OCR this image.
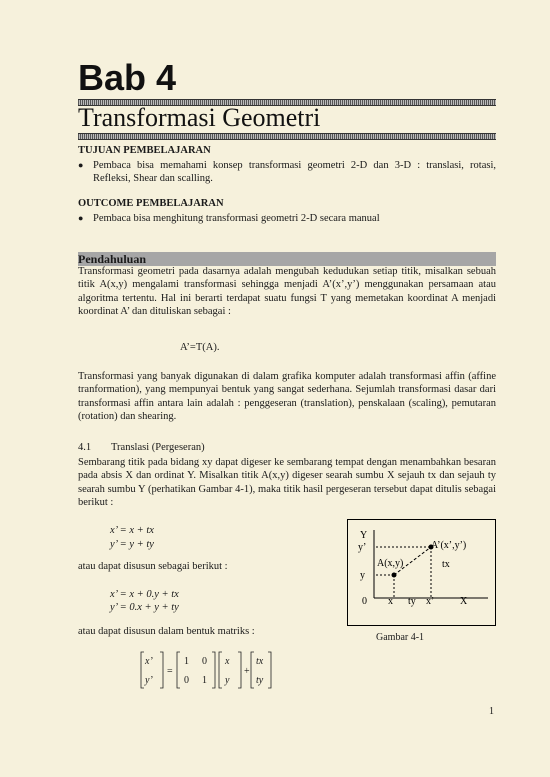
Bab 4
Transformasi Geometri
TUJUAN PEMBELAJARAN
● Pembaca bisa memahami konsep transformasi geometri 2-D dan 3-D : translasi, rotasi, Refleksi, Shear dan scalling.
OUTCOME PEMBELAJARAN
● Pembaca bisa menghitung transformasi geometri 2-D secara manual
Pendahuluan
Transformasi geometri pada dasarnya adalah mengubah kedudukan setiap titik, misalkan sebuah titik A(x,y) mengalami transformasi sehingga menjadi A’(x’,y’) menggunakan persamaan atau algoritma tertentu. Hal ini berarti terdapat suatu fungsi T yang memetakan koordinat A menjadi koordinat A’ dan dituliskan sebagai :
A’=T(A).
Transformasi yang banyak digunakan di dalam grafika komputer adalah transformasi affin (affine tranformation), yang mempunyai bentuk yang sangat sederhana. Sejumlah transformasi dasar dari transformasi affin antara lain adalah : penggeseran (translation), penskalaan (scaling), pemutaran (rotation) dan shearing.
4.1 Translasi (Pergeseran)
Sembarang titik pada bidang xy dapat digeser ke sembarang tempat dengan menambahkan besaran pada absis X dan ordinat Y. Misalkan titik A(x,y) digeser searah sumbu X sejauh tx dan sejauh ty searah sumbu Y (perhatikan Gambar 4-1), maka titik hasil pergeseran tersebut dapat ditulis sebagai berikut :
x’ = x + tx
y’ = y + ty
atau dapat disusun sebagai berikut :
x’ = x + 0.y + tx
y’ = 0.x + y + ty
atau dapat disusun dalam bentuk matriks :
x’
y’
=
1 0
0 1
x
y
+
tx
ty
Y
y’
y
0 x ty x’	X
A(x,y)
A’(x’,y’)
tx
Gambar 4-1
1
